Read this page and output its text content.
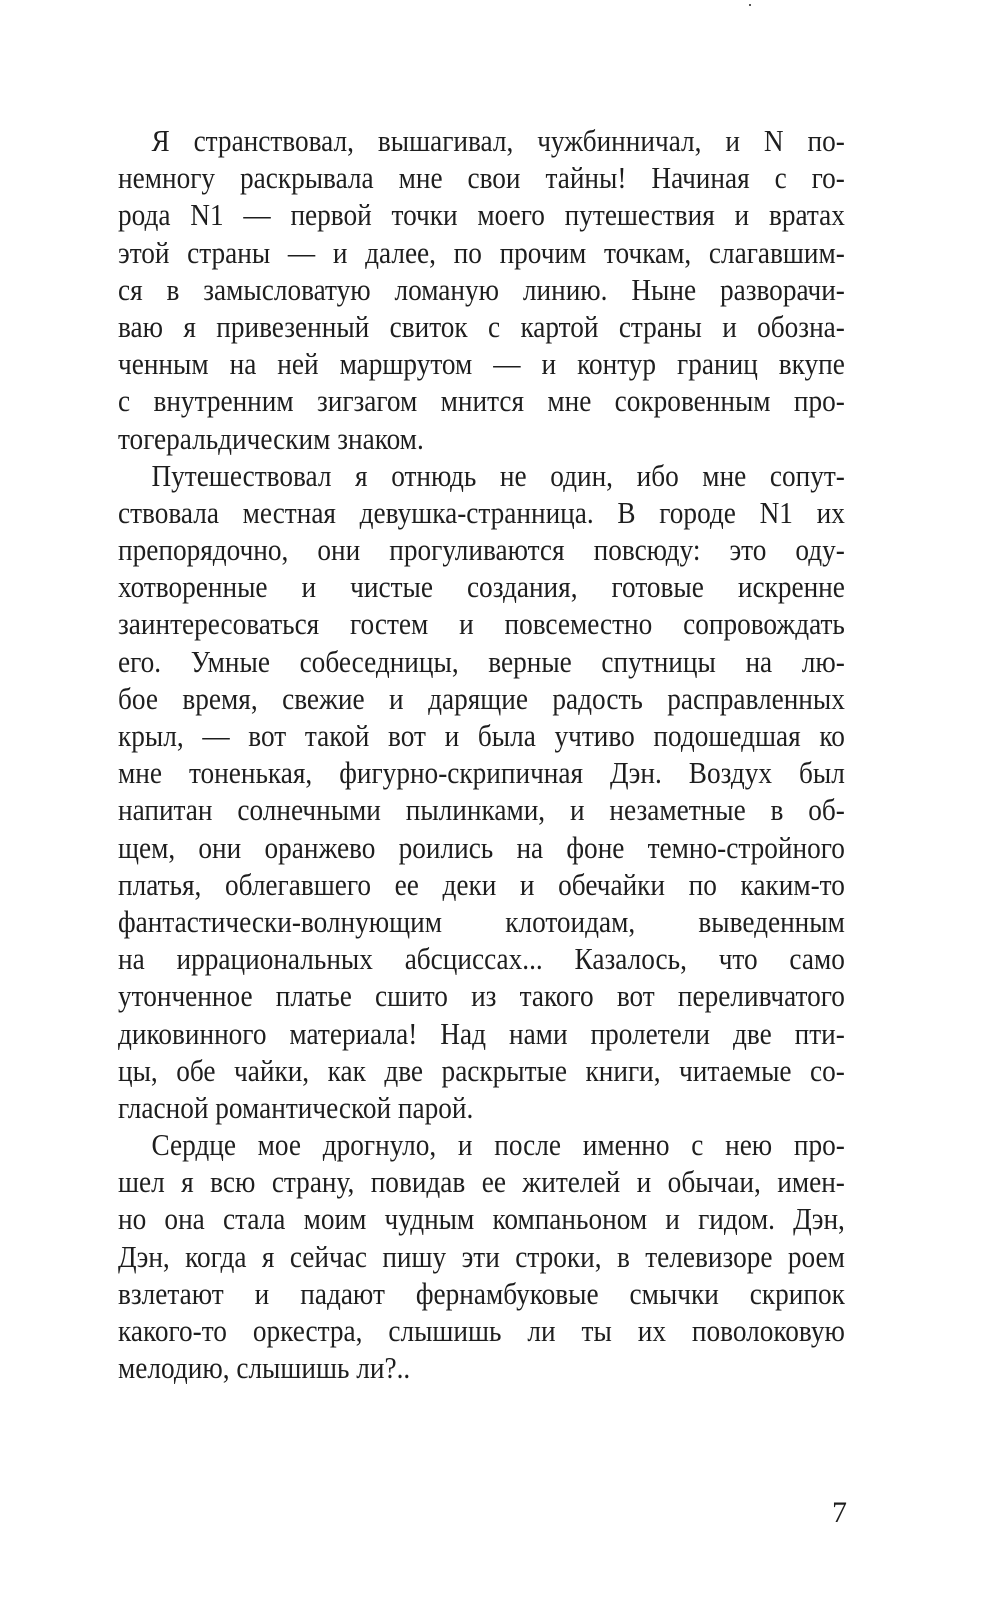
Я странствовал, вышагивал, чужбинничал, и N по-
немногу раскрывала мне свои тайны! Начиная с го-
рода N1 — первой точки моего путешествия и вратах
этой страны — и далее, по прочим точкам, слагавшим-
ся в замысловатую ломаную линию. Ныне разворачи-
ваю я привезенный свиток с картой страны и обозна-
ченным на ней маршрутом — и контур границ вкупе
с внутренним зигзагом мнится мне сокровенным про-
тогеральдическим знаком.
Путешествовал я отнюдь не один, ибо мне сопут-
ствовала местная девушка-странница. В городе N1 их
препорядочно, они прогуливаются повсюду: это оду-
хотворенные и чистые создания, готовые искренне
заинтересоваться гостем и повсеместно сопровождать
его. Умные собеседницы, верные спутницы на лю-
бое время, свежие и дарящие радость расправленных
крыл, — вот такой вот и была учтиво подошедшая ко
мне тоненькая, фигурно-скрипичная Дэн. Воздух был
напитан солнечными пылинками, и незаметные в об-
щем, они оранжево роились на фоне темно-стройного
платья, облегавшего ее деки и обечайки по каким-то
фантастически-волнующим клотоидам, выведенным
на иррациональных абсциссах... Казалось, что само
утонченное платье сшито из такого вот переливчатого
диковинного материала! Над нами пролетели две пти-
цы, обе чайки, как две раскрытые книги, читаемые со-
гласной романтической парой.
Сердце мое дрогнуло, и после именно с нею про-
шел я всю страну, повидав ее жителей и обычаи, имен-
но она стала моим чудным компаньоном и гидом. Дэн,
Дэн, когда я сейчас пишу эти строки, в телевизоре роем
взлетают и падают фернамбуковые смычки скрипок
какого-то оркестра, слышишь ли ты их поволоковую
мелодию, слышишь ли?..
7
